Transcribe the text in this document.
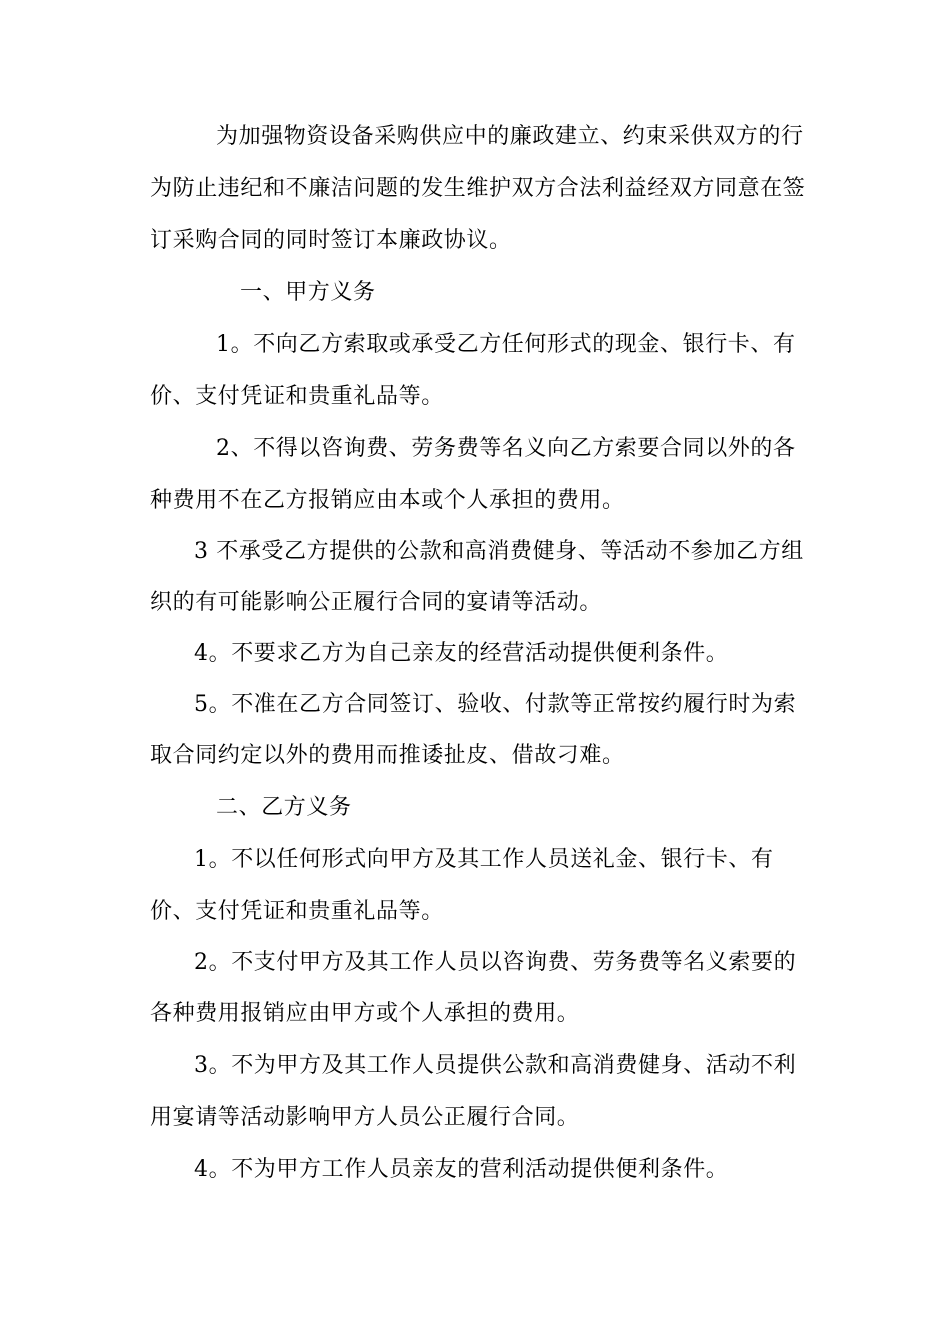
为加强物资设备采购供应中的廉政建立、约束采供双方的行
为防止违纪和不廉洁问题的发生维护双方合法利益经双方同意在签
订采购合同的同时签订本廉政协议。
一、甲方义务
1。不向乙方索取或承受乙方任何形式的现金、银行卡、有
价、支付凭证和贵重礼品等。
2、不得以咨询费、劳务费等名义向乙方索要合同以外的各
种费用不在乙方报销应由本或个人承担的费用。
3 不承受乙方提供的公款和高消费健身、等活动不参加乙方组
织的有可能影响公正履行合同的宴请等活动。
4。不要求乙方为自己亲友的经营活动提供便利条件。
5。不准在乙方合同签订、验收、付款等正常按约履行时为索
取合同约定以外的费用而推诿扯皮、借故刁难。
二、乙方义务
1。不以任何形式向甲方及其工作人员送礼金、银行卡、有
价、支付凭证和贵重礼品等。
2。不支付甲方及其工作人员以咨询费、劳务费等名义索要的
各种费用报销应由甲方或个人承担的费用。
3。不为甲方及其工作人员提供公款和高消费健身、活动不利
用宴请等活动影响甲方人员公正履行合同。
4。不为甲方工作人员亲友的营利活动提供便利条件。
